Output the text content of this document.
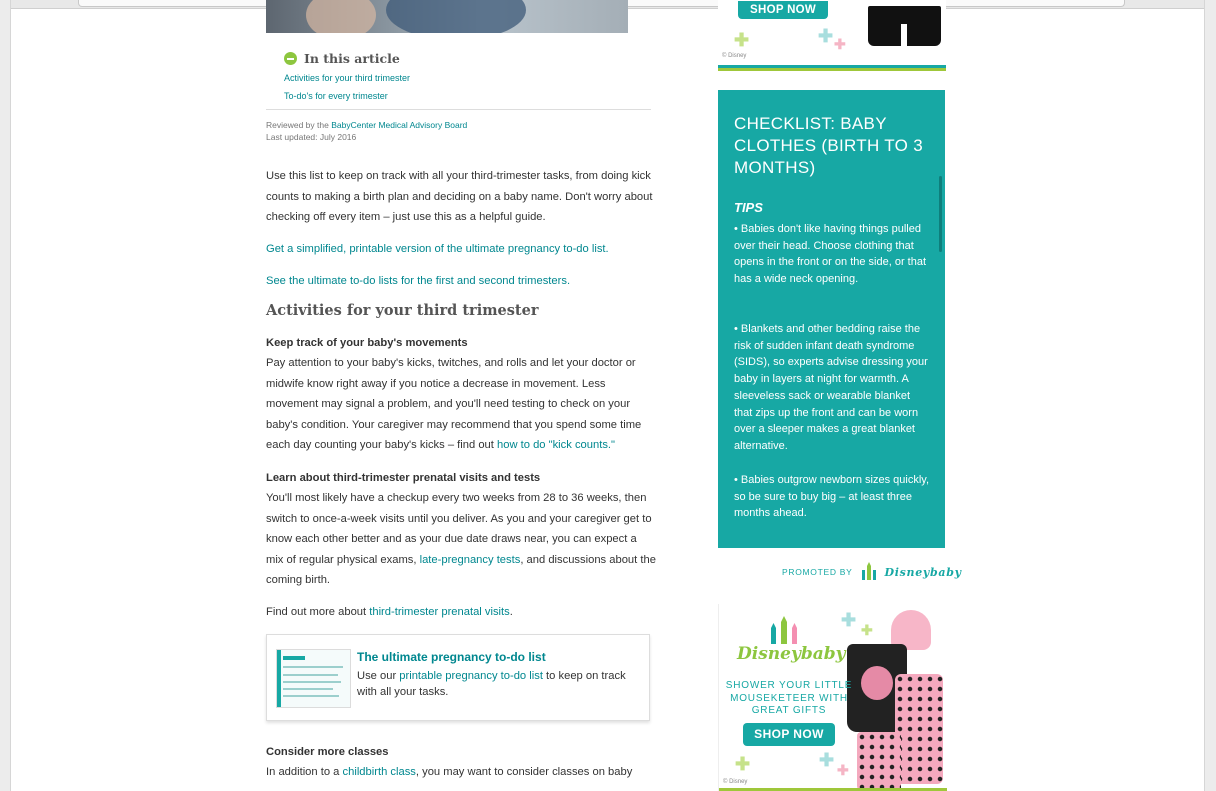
In this article
Activities for your third trimester
To-do's for every trimester
Reviewed by the BabyCenter Medical Advisory Board
Last updated: July 2016
Use this list to keep on track with all your third-trimester tasks, from doing kick counts to making a birth plan and deciding on a baby name. Don't worry about checking off every item – just use this as a helpful guide.
Get a simplified, printable version of the ultimate pregnancy to-do list.
See the ultimate to-do lists for the first and second trimesters.
Activities for your third trimester
Keep track of your baby's movements
Pay attention to your baby's kicks, twitches, and rolls and let your doctor or midwife know right away if you notice a decrease in movement. Less movement may signal a problem, and you'll need testing to check on your baby's condition. Your caregiver may recommend that you spend some time each day counting your baby's kicks – find out how to do "kick counts."
Learn about third-trimester prenatal visits and tests
You'll most likely have a checkup every two weeks from 28 to 36 weeks, then switch to once-a-week visits until you deliver. As you and your caregiver get to know each other better and as your due date draws near, you can expect a mix of regular physical exams, late-pregnancy tests, and discussions about the coming birth.
Find out more about third-trimester prenatal visits.
The ultimate pregnancy to-do list
Use our printable pregnancy to-do list to keep on track with all your tasks.
Consider more classes
In addition to a childbirth class, you may want to consider classes on baby
SHOP NOW
✚	✚ ✚
© Disney
CHECKLIST: BABY CLOTHES (BIRTH TO 3 MONTHS)
TIPS
• Babies don't like having things pulled over their head. Choose clothing that opens in the front or on the side, or that has a wide neck opening.
• Blankets and other bedding raise the risk of sudden infant death syndrome (SIDS), so experts advise dressing your baby in layers at night for warmth. A sleeveless sack or wearable blanket that zips up the front and can be worn over a sleeper makes a great blanket alternative.
• Babies outgrow newborn sizes quickly, so be sure to buy big – at least three months ahead.
PROMOTED BY	Disneybaby
Disneybaby
✚ ✚
SHOWER YOUR LITTLE MOUSEKETEER WITH GREAT GIFTS
SHOP NOW
✚	✚ ✚
© Disney
